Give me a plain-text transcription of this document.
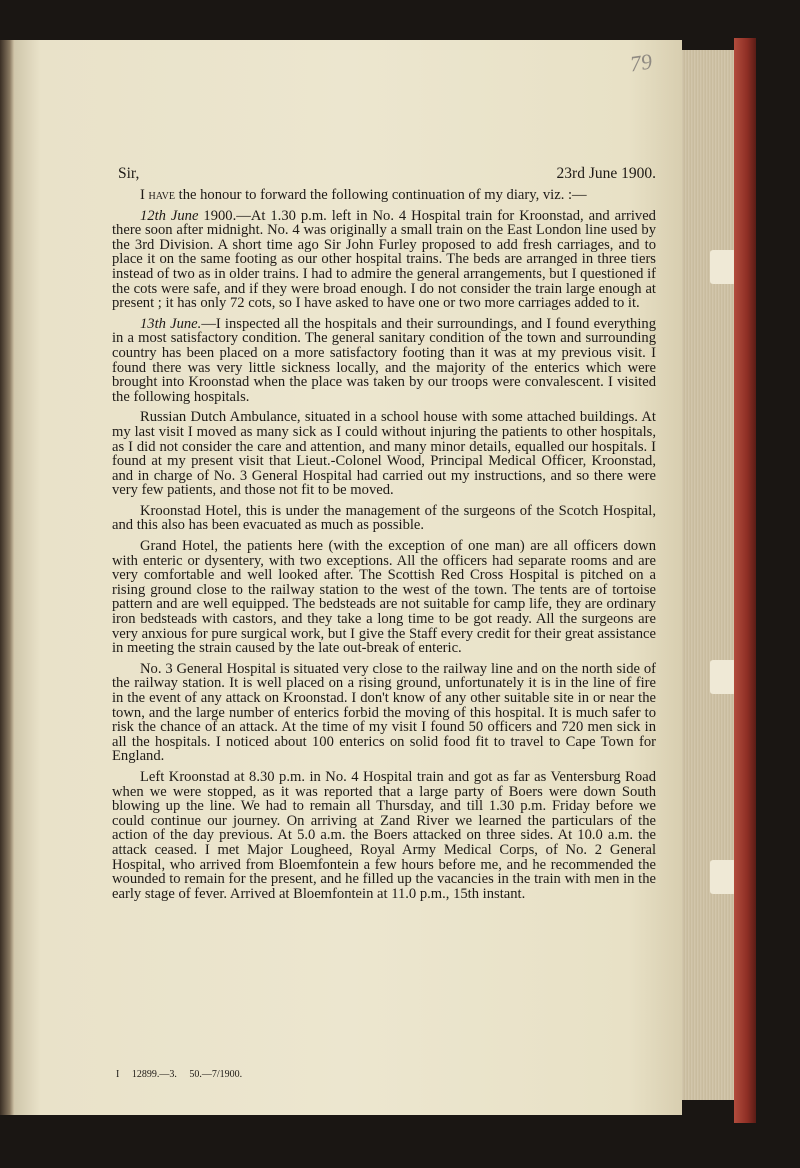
79
Sir,	23rd June 1900.

I have the honour to forward the following continuation of my diary, viz. :—

12th June 1900.—At 1.30 p.m. left in No. 4 Hospital train for Kroonstad, and arrived there soon after midnight. No. 4 was originally a small train on the East London line used by the 3rd Division. A short time ago Sir John Furley proposed to add fresh carriages, and to place it on the same footing as our other hospital trains. The beds are arranged in three tiers instead of two as in older trains. I had to admire the general arrangements, but I questioned if the cots were safe, and if they were broad enough. I do not consider the train large enough at present ; it has only 72 cots, so I have asked to have one or two more carriages added to it.

13th June.—I inspected all the hospitals and their surroundings, and I found everything in a most satisfactory condition. The general sanitary condition of the town and surrounding country has been placed on a more satisfactory footing than it was at my previous visit. I found there was very little sickness locally, and the majority of the enterics which were brought into Kroonstad when the place was taken by our troops were convalescent. I visited the following hospitals.

Russian Dutch Ambulance, situated in a school house with some attached buildings. At my last visit I moved as many sick as I could without injuring the patients to other hospitals, as I did not consider the care and attention, and many minor details, equalled our hospitals. I found at my present visit that Lieut.-Colonel Wood, Principal Medical Officer, Kroonstad, and in charge of No. 3 General Hospital had carried out my instructions, and so there were very few patients, and those not fit to be moved.

Kroonstad Hotel, this is under the management of the surgeons of the Scotch Hospital, and this also has been evacuated as much as possible.

Grand Hotel, the patients here (with the exception of one man) are all officers down with enteric or dysentery, with two exceptions. All the officers had separate rooms and are very comfortable and well looked after. The Scottish Red Cross Hospital is pitched on a rising ground close to the railway station to the west of the town. The tents are of tortoise pattern and are well equipped. The bedsteads are not suitable for camp life, they are ordinary iron bedsteads with castors, and they take a long time to be got ready. All the surgeons are very anxious for pure surgical work, but I give the Staff every credit for their great assistance in meeting the strain caused by the late out-break of enteric.

No. 3 General Hospital is situated very close to the railway line and on the north side of the railway station. It is well placed on a rising ground, unfortunately it is in the line of fire in the event of any attack on Kroonstad. I don't know of any other suitable site in or near the town, and the large number of enterics forbid the moving of this hospital. It is much safer to risk the chance of an attack. At the time of my visit I found 50 officers and 720 men sick in all the hospitals. I noticed about 100 enterics on solid food fit to travel to Cape Town for England.

Left Kroonstad at 8.30 p.m. in No. 4 Hospital train and got as far as Ventersburg Road when we were stopped, as it was reported that a large party of Boers were down South blowing up the line. We had to remain all Thursday, and till 1.30 p.m. Friday before we could continue our journey. On arriving at Zand River we learned the particulars of the action of the day previous. At 5.0 a.m. the Boers attacked on three sides. At 10.0 a.m. the attack ceased. I met Major Lougheed, Royal Army Medical Corps, of No. 2 General Hospital, who arrived from Bloemfontein a few hours before me, and he recommended the wounded to remain for the present, and he filled up the vacancies in the train with men in the early stage of fever. Arrived at Bloemfontein at 11.0 p.m., 15th instant.

I 12899.—3. 50.—7/1900.
